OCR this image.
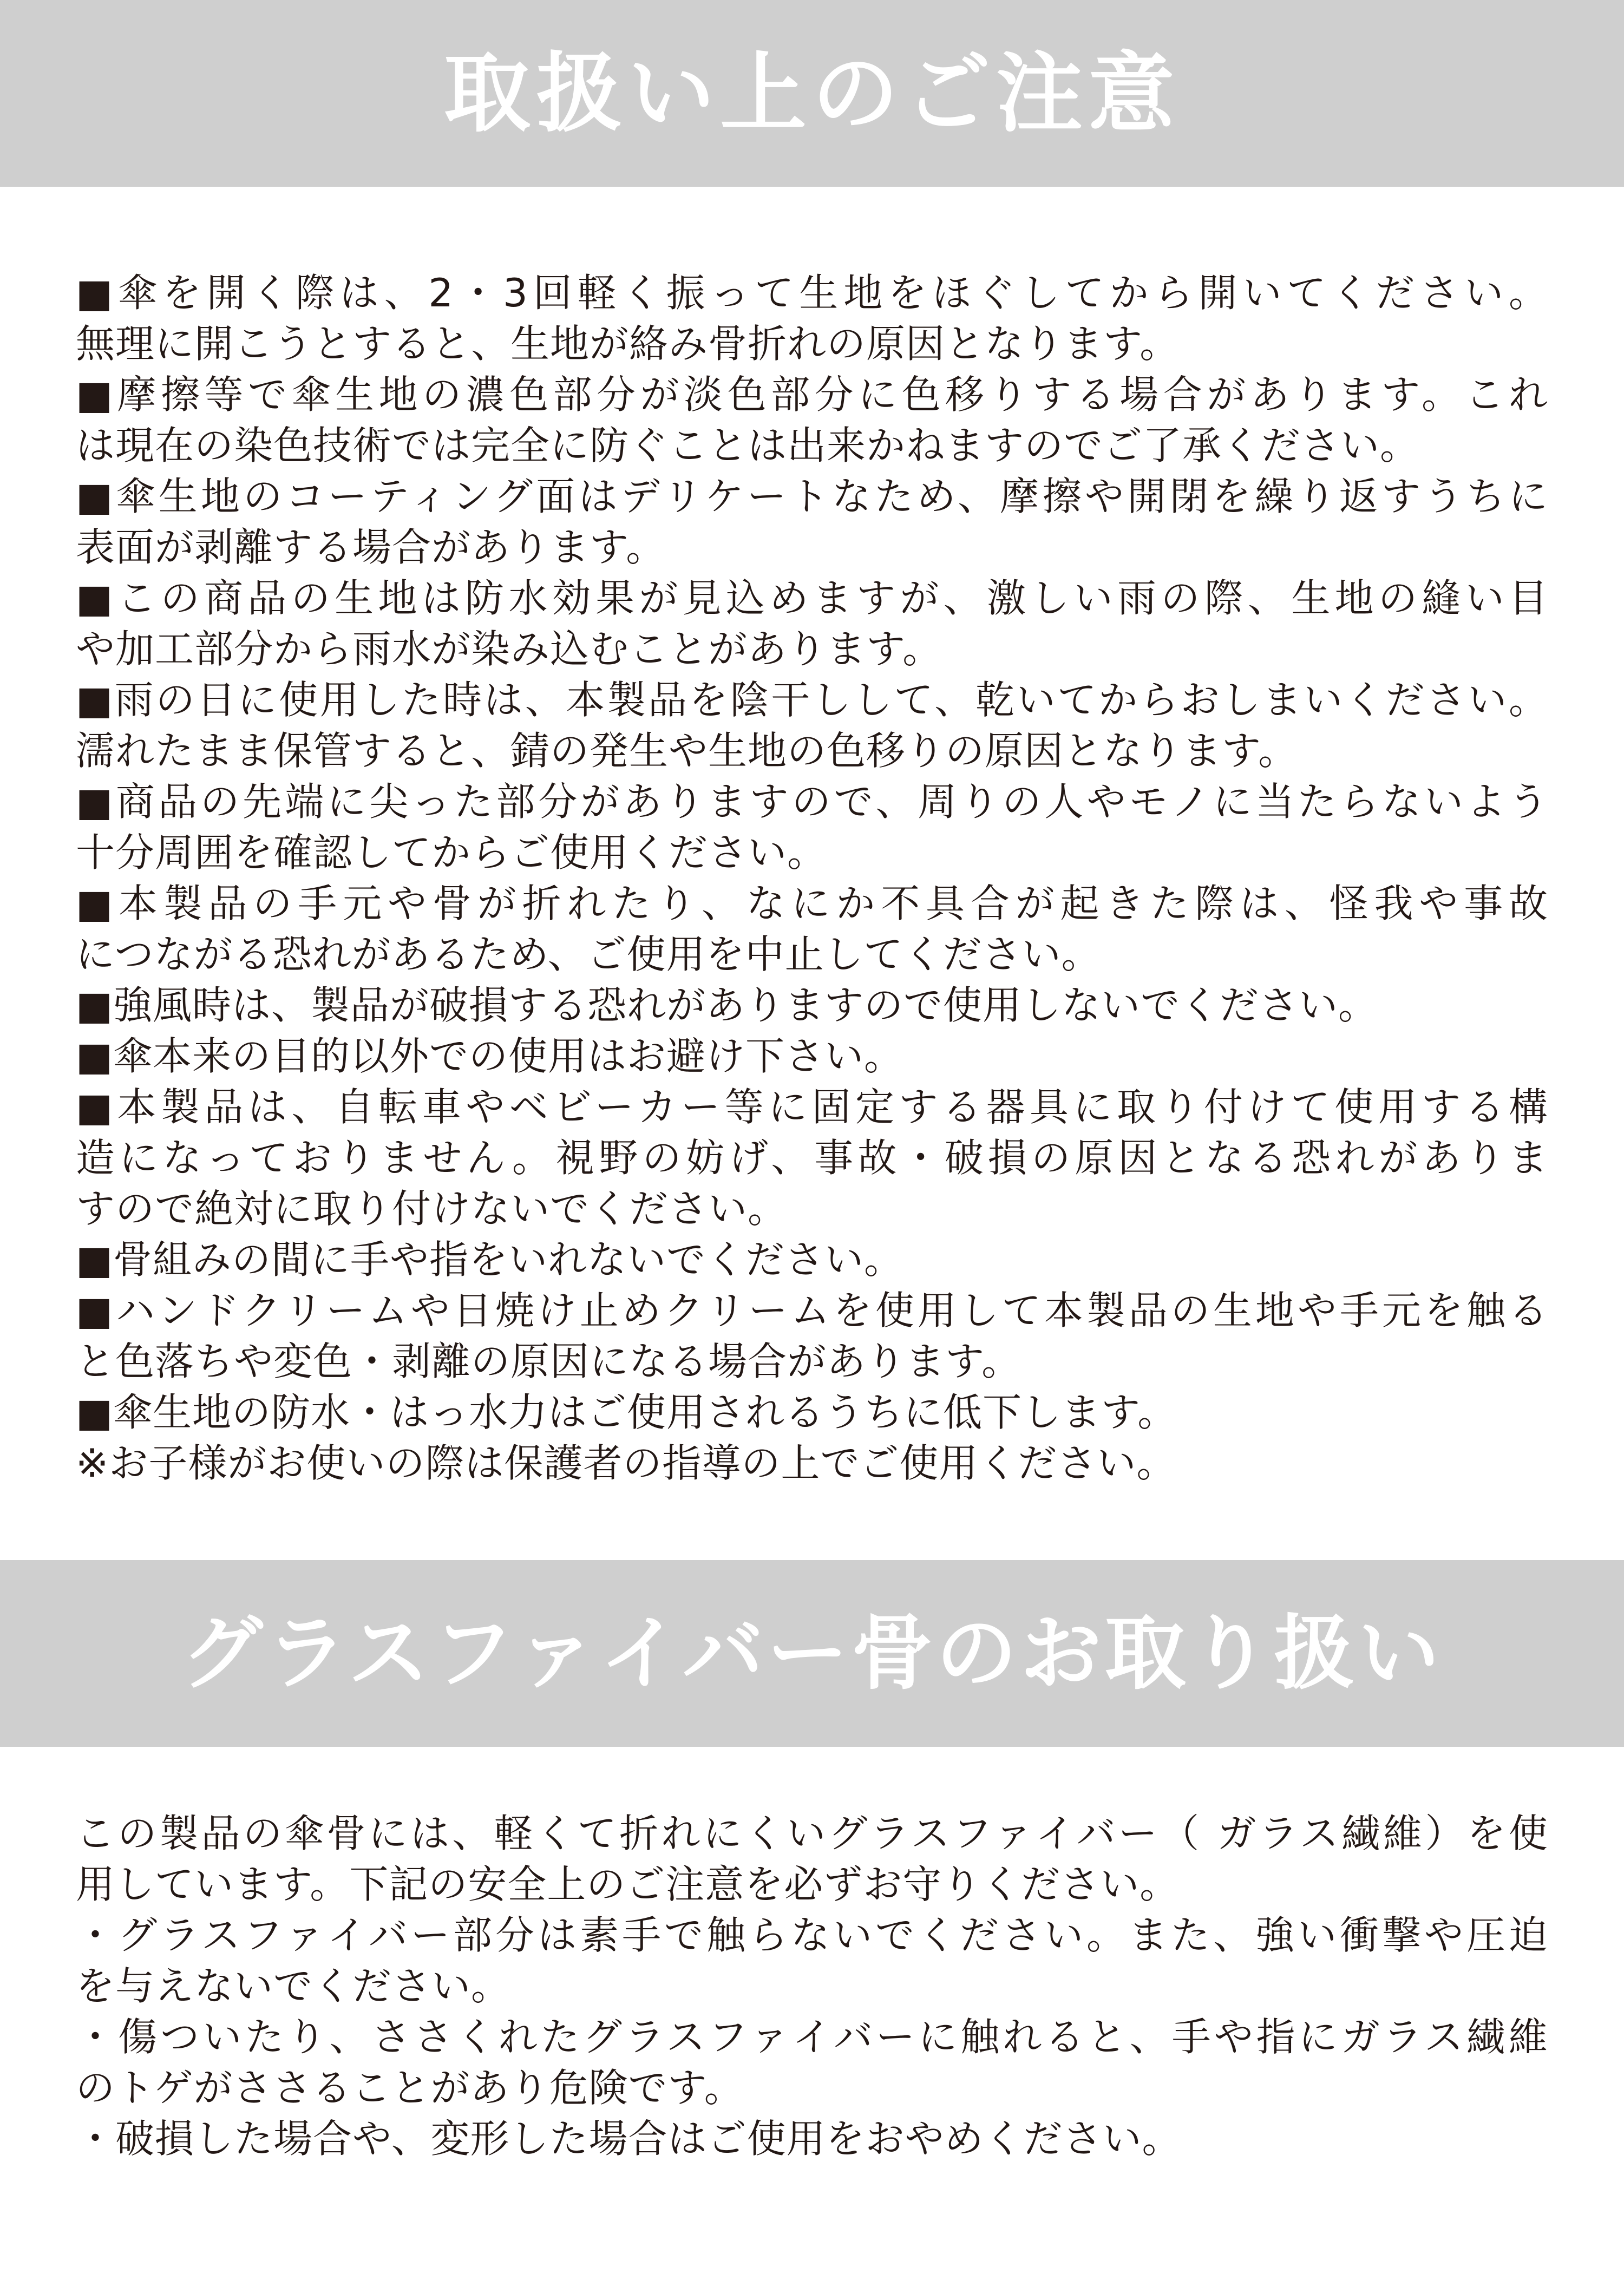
取扱い上のご注意
■傘を開く際は、2・3回軽く振って生地をほぐしてから開いてください。
無理に開こうとすると、生地が絡み骨折れの原因となります。
■摩擦等で傘生地の濃色部分が淡色部分に色移りする場合があります。これ
は現在の染色技術では完全に防ぐことは出来かねますのでご了承ください。
■傘生地のコーティング面はデリケートなため、摩擦や開閉を繰り返すうちに
表面が剥離する場合があります。
■この商品の生地は防水効果が見込めますが、激しい雨の際、生地の縫い目
や加工部分から雨水が染み込むことがあります。
■雨の日に使用した時は、本製品を陰干しして、乾いてからおしまいください。
濡れたまま保管すると、錆の発生や生地の色移りの原因となります。
■商品の先端に尖った部分がありますので、周りの人やモノに当たらないよう
十分周囲を確認してからご使用ください。
■本製品の手元や骨が折れたり、なにか不具合が起きた際は、怪我や事故
につながる恐れがあるため、ご使用を中止してください。
■強風時は、製品が破損する恐れがありますので使用しないでください。
■傘本来の目的以外での使用はお避け下さい。
■本製品は、自転車やベビーカー等に固定する器具に取り付けて使用する構
造になっておりません。視野の妨げ、事故・破損の原因となる恐れがありま
すので絶対に取り付けないでください。
■骨組みの間に手や指をいれないでください。
■ハンドクリームや日焼け止めクリームを使用して本製品の生地や手元を触る
と色落ちや変色・剥離の原因になる場合があります。
■傘生地の防水・はっ水力はご使用されるうちに低下します。
※お子様がお使いの際は保護者の指導の上でご使用ください。
グラスファイバー骨のお取り扱い
この製品の傘骨には、軽くて折れにくいグラスファイバー（ ガラス繊維）を使
用しています。下記の安全上のご注意を必ずお守りください。
・グラスファイバー部分は素手で触らないでください。また、強い衝撃や圧迫
を与えないでください。
・傷ついたり、ささくれたグラスファイバーに触れると、手や指にガラス繊維
のトゲがささることがあり危険です。
・破損した場合や、変形した場合はご使用をおやめください。
